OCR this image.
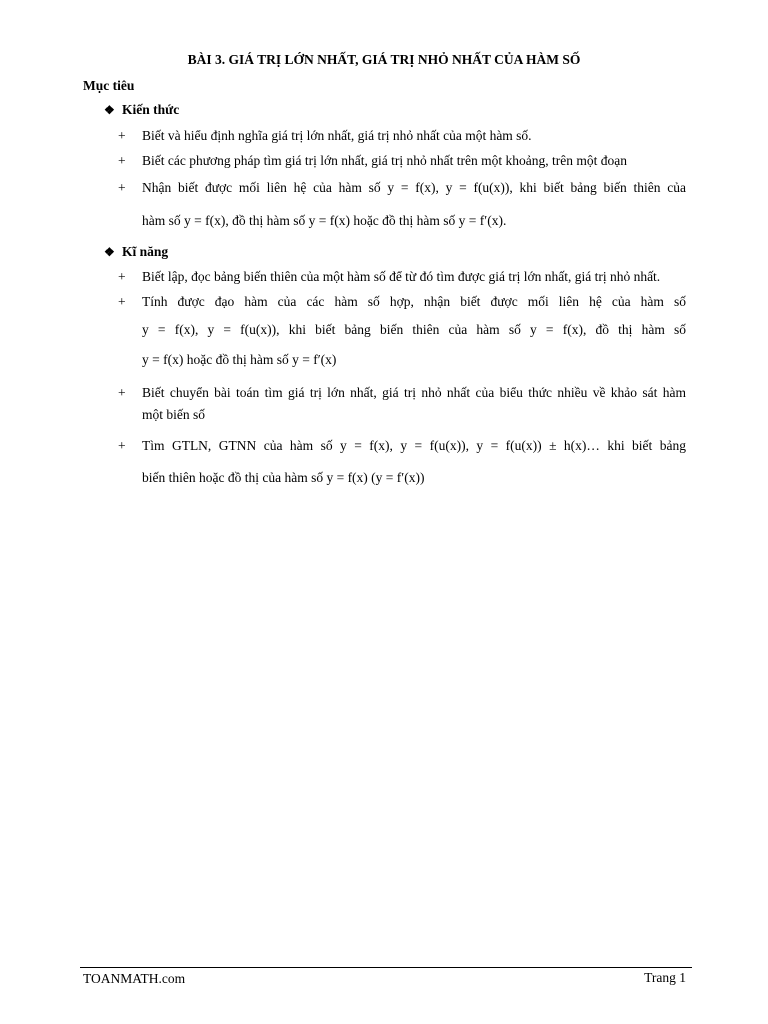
BÀI 3. GIÁ TRỊ LỚN NHẤT, GIÁ TRỊ NHỎ NHẤT CỦA HÀM SỐ
Mục tiêu
❖ Kiến thức
+	Biết và hiểu định nghĩa giá trị lớn nhất, giá trị nhỏ nhất của một hàm số.
+	Biết các phương pháp tìm giá trị lớn nhất, giá trị nhỏ nhất trên một khoảng, trên một đoạn
+	Nhận biết được mối liên hệ của hàm số y = f(x), y = f(u(x)), khi biết bảng biến thiên của
hàm số y = f(x), đồ thị hàm số y = f(x) hoặc đồ thị hàm số y = f′(x).
❖ Kĩ năng
+	Biết lập, đọc bảng biến thiên của một hàm số để từ đó tìm được giá trị lớn nhất, giá trị nhỏ nhất.
+	Tính được đạo hàm của các hàm số hợp, nhận biết được mối liên hệ của hàm số
y = f(x), y = f(u(x)), khi biết bảng biến thiên của hàm số y = f(x), đồ thị hàm số
y = f(x) hoặc đồ thị hàm số y = f′(x)
+	Biết chuyển bài toán tìm giá trị lớn nhất, giá trị nhỏ nhất của biểu thức nhiều về khảo sát hàm
một biến số
+	Tìm GTLN, GTNN của hàm số y = f(x), y = f(u(x)), y = f(u(x)) ± h(x)… khi biết bảng
biến thiên hoặc đồ thị của hàm số y = f(x) (y = f′(x))
TOANMATH.com	Trang 1
